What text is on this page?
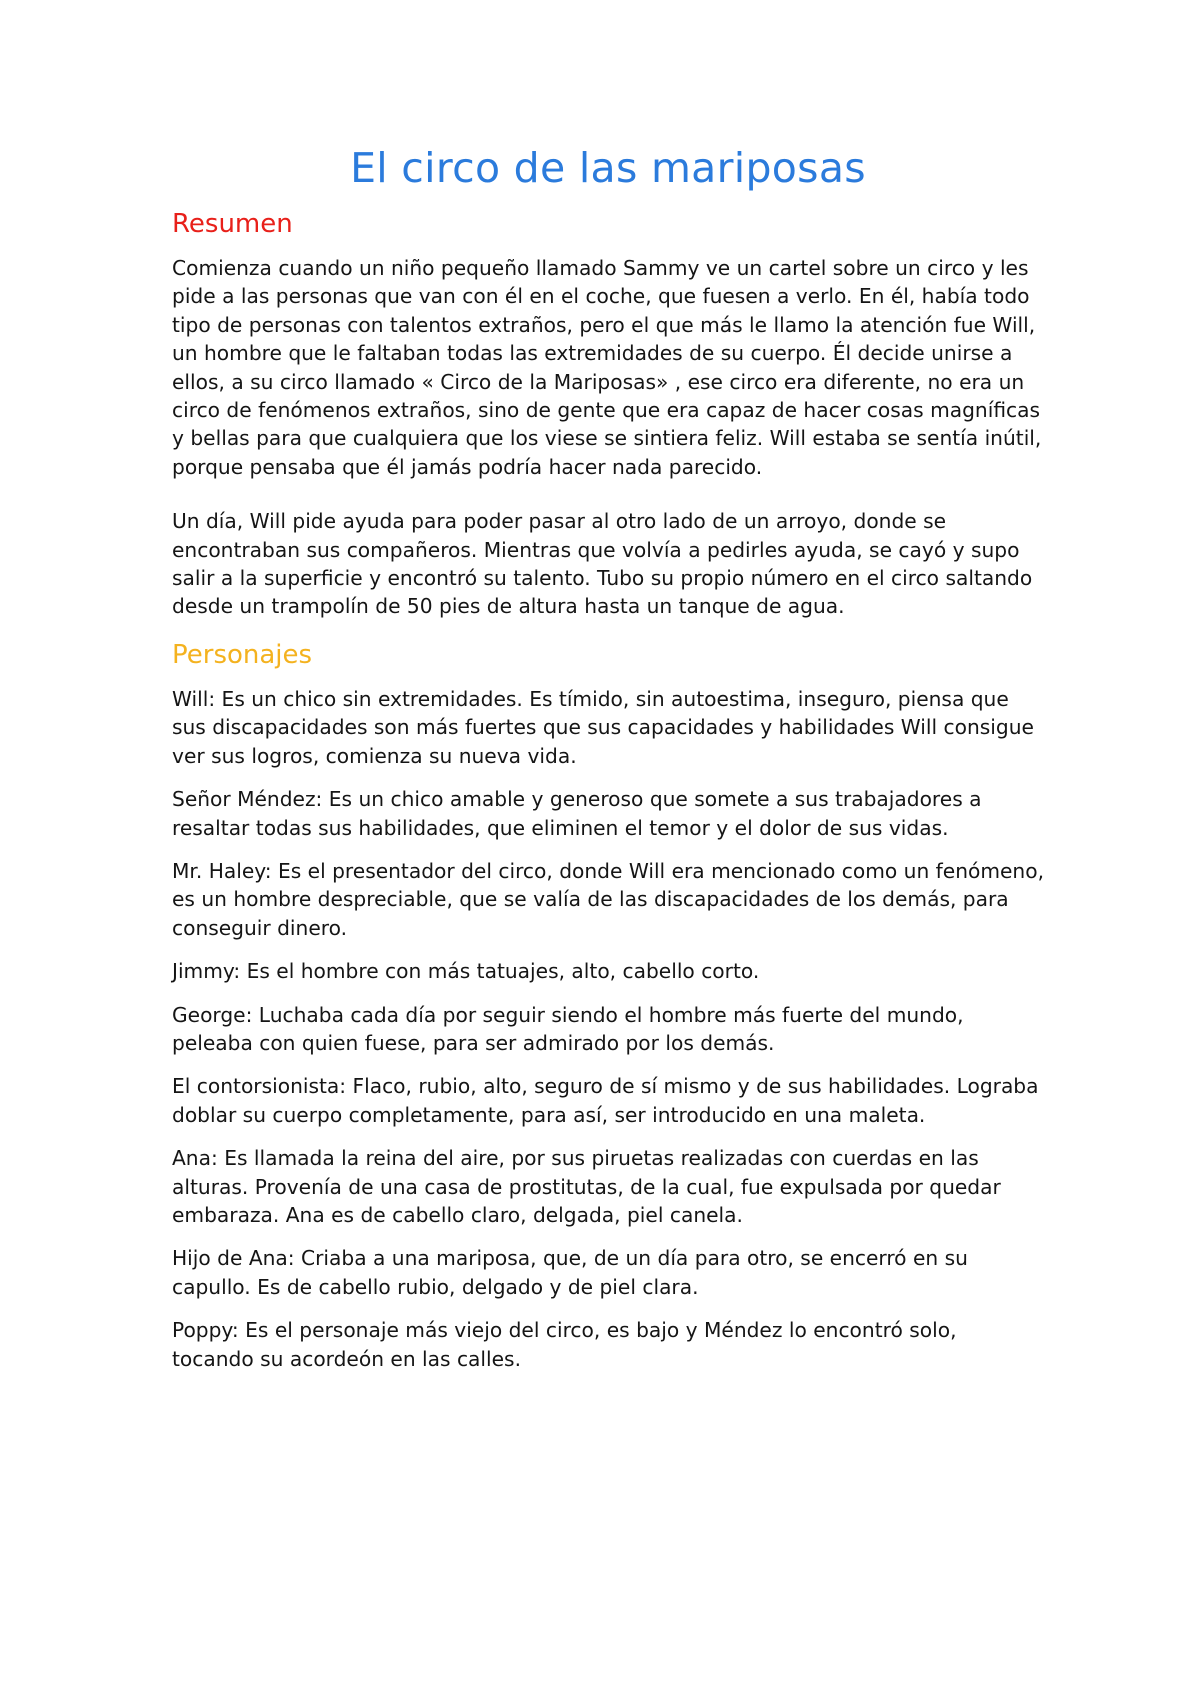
El circo de las mariposas
Resumen

Comienza cuando un niño pequeño llamado Sammy ve un cartel sobre un circo y les pide a las personas que van con él en el coche, que fuesen a verlo. En él, había todo tipo de personas con talentos extraños, pero el que más le llamo la atención fue Will, un hombre que le faltaban todas las extremidades de su cuerpo. Él decide unirse a ellos, a su circo llamado « Circo de la Mariposas» , ese circo era diferente, no era un circo de fenómenos extraños, sino de gente que era capaz de hacer cosas magníficas y bellas para que cualquiera que los viese se sintiera feliz. Will estaba se sentía inútil, porque pensaba que él jamás podría hacer nada parecido.

Un día, Will pide ayuda para poder pasar al otro lado de un arroyo, donde se encontraban sus compañeros. Mientras que volvía a pedirles ayuda, se cayó y supo salir a la superficie y encontró su talento. Tubo su propio número en el circo saltando desde un trampolín de 50 pies de altura hasta un tanque de agua.

Personajes

Will: Es un chico sin extremidades. Es tímido, sin autoestima, inseguro, piensa que sus discapacidades son más fuertes que sus capacidades y habilidades Will consigue ver sus logros, comienza su nueva vida.

Señor Méndez: Es un chico amable y generoso que somete a sus trabajadores a resaltar todas sus habilidades, que eliminen el temor y el dolor de sus vidas.

Mr. Haley: Es el presentador del circo, donde Will era mencionado como un fenómeno, es un hombre despreciable, que se valía de las discapacidades de los demás, para conseguir dinero.

Jimmy: Es el hombre con más tatuajes, alto, cabello corto.

George: Luchaba cada día por seguir siendo el hombre más fuerte del mundo, peleaba con quien fuese, para ser admirado por los demás.

El contorsionista: Flaco, rubio, alto, seguro de sí mismo y de sus habilidades. Lograba doblar su cuerpo completamente, para así, ser introducido en una maleta.

Ana: Es llamada la reina del aire, por sus piruetas realizadas con cuerdas en las alturas. Provenía de una casa de prostitutas, de la cual, fue expulsada por quedar embaraza. Ana es de cabello claro, delgada, piel canela.

Hijo de Ana: Criaba a una mariposa, que, de un día para otro, se encerró en su capullo. Es de cabello rubio, delgado y de piel clara.

Poppy: Es el personaje más viejo del circo, es bajo y Méndez lo encontró solo, tocando su acordeón en las calles.
